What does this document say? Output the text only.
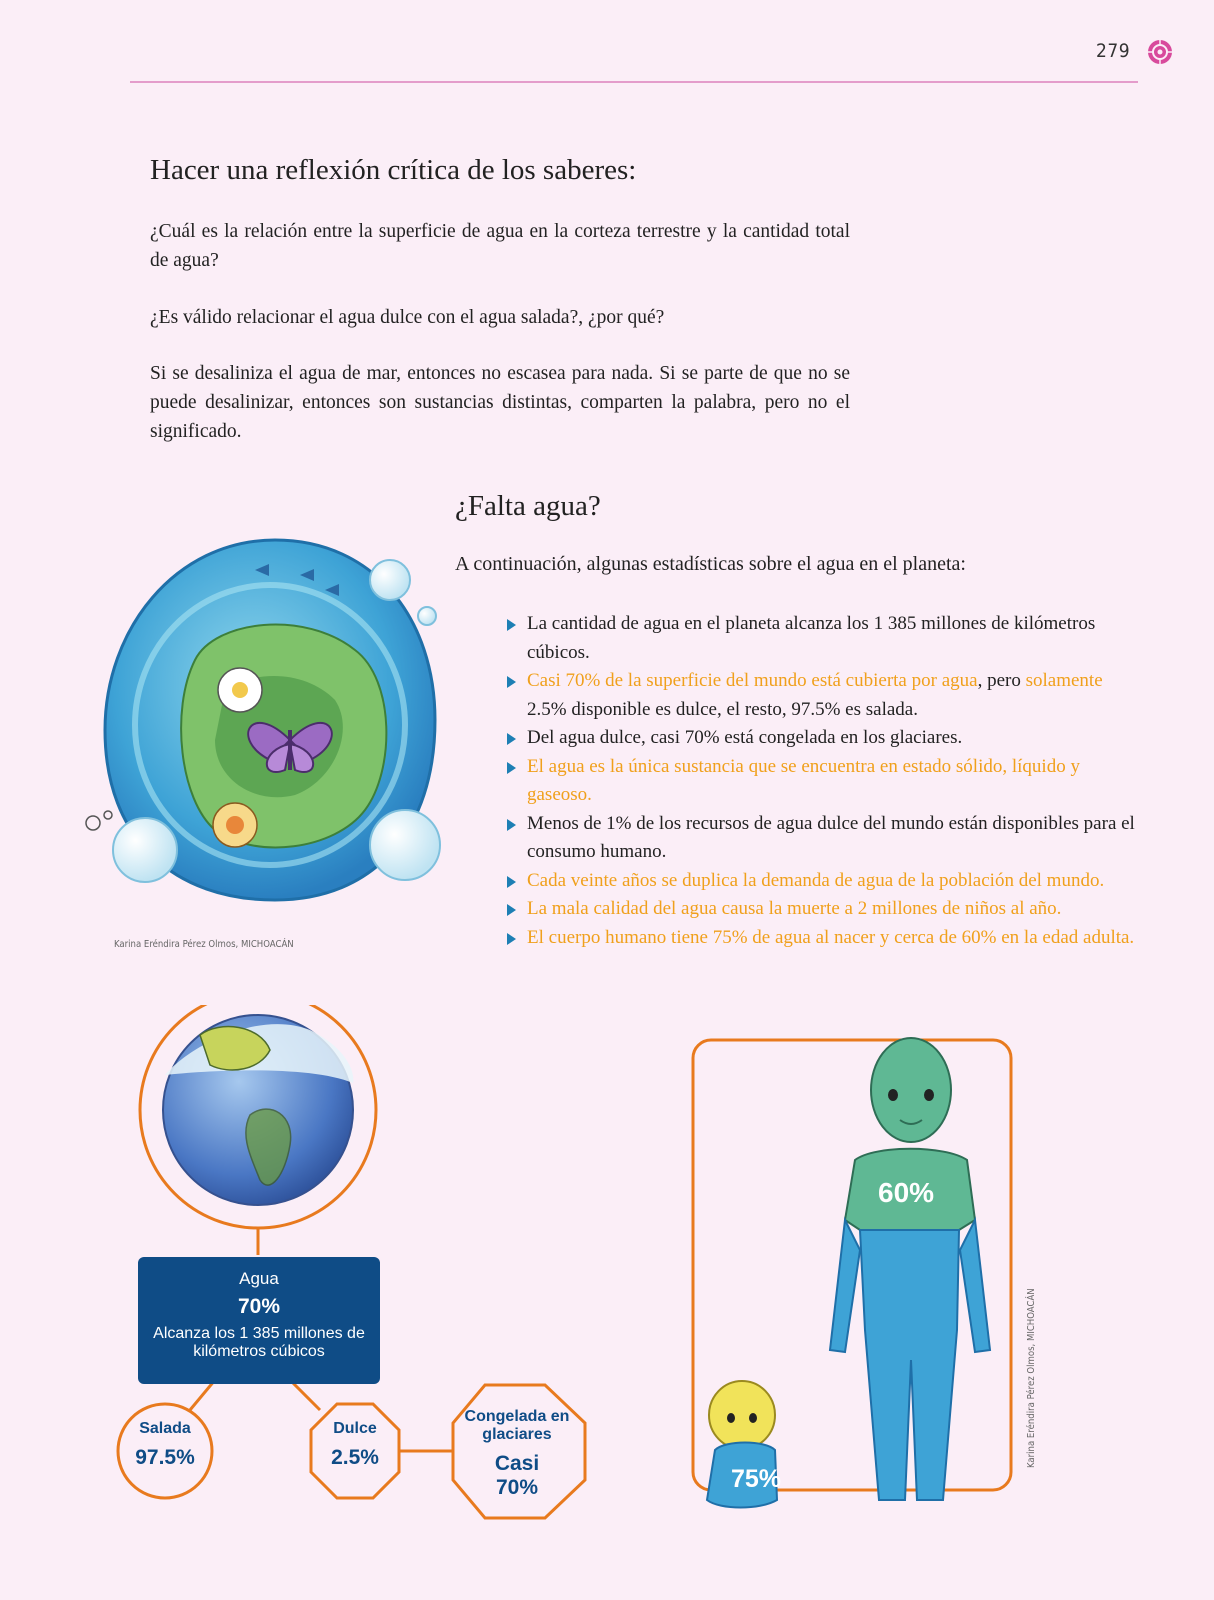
279
Hacer una reflexión crítica de los saberes:
¿Cuál es la relación entre la superficie de agua en la corteza terrestre y la cantidad total de agua?
¿Es válido relacionar el agua dulce con el agua salada?, ¿por qué?
Si se desaliniza el agua de mar, entonces no escasea para nada. Si se parte de que no se puede desalinizar, entonces son sustancias distintas, comparten la palabra, pero no el significado.
¿Falta agua?
A continuación, algunas estadísticas sobre el agua en el planeta:
La cantidad de agua en el planeta alcanza los 1 385 millones de kilómetros cúbicos.
Casi 70% de la superficie del mundo está cubierta por agua, pero solamente 2.5% disponible es dulce, el resto, 97.5% es salada.
Del agua dulce, casi 70% está congelada en los glaciares.
El agua es la única sustancia que se encuentra en estado sólido, líquido y gaseoso.
Menos de 1% de los recursos de agua dulce del mundo están disponibles para el consumo humano.
Cada veinte años se duplica la demanda de agua de la población del mundo.
La mala calidad del agua causa la muerte a 2 millones de niños al año.
El cuerpo humano tiene 75% de agua al nacer y cerca de 60% en la edad adulta.
Karina Eréndira Pérez Olmos, MICHOACÁN
Agua
70%
Alcanza los 1 385 millones de kilómetros cúbicos
Salada
97.5%
Dulce
2.5%
Congelada en glaciares
Casi 70%
60%
75%
Karina Eréndira Pérez Olmos, MICHOACÁN
